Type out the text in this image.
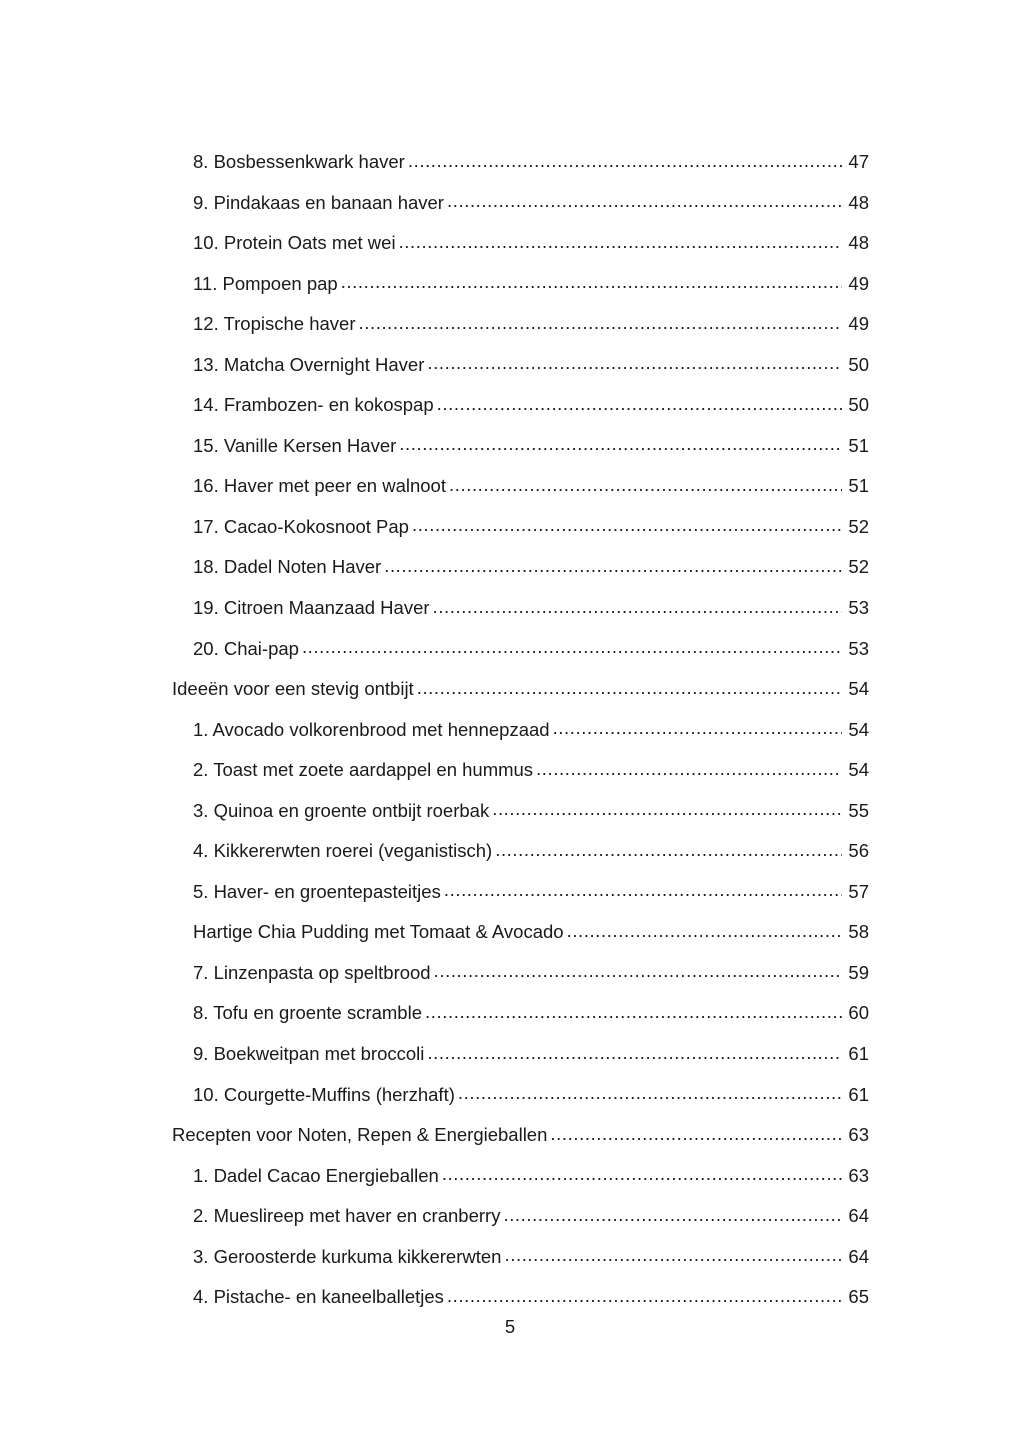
8. Bosbessenkwark haver .....	47
9. Pindakaas en banaan haver .....	48
10. Protein Oats met wei .....	48
11. Pompoen pap .....	49
12. Tropische haver .....	49
13. Matcha Overnight Haver .....	50
14. Frambozen- en kokospap .....	50
15. Vanille Kersen Haver .....	51
16. Haver met peer en walnoot .....	51
17. Cacao-Kokosnoot Pap .....	52
18. Dadel Noten Haver .....	52
19. Citroen Maanzaad Haver .....	53
20. Chai-pap .....	53
Ideeën voor een stevig ontbijt .....	54
1. Avocado volkorenbrood met hennepzaad .....	54
2. Toast met zoete aardappel en hummus .....	54
3. Quinoa en groente ontbijt roerbak .....	55
4. Kikkererwten roerei (veganistisch) .....	56
5. Haver- en groentepasteitjes .....	57
Hartige Chia Pudding met Tomaat & Avocado .....	58
7. Linzenpasta op speltbrood .....	59
8. Tofu en groente scramble .....	60
9. Boekweitpan met broccoli .....	61
10. Courgette-Muffins (herzhaft) .....	61
Recepten voor Noten, Repen & Energieballen .....	63
1. Dadel Cacao Energieballen .....	63
2. Mueslireep met haver en cranberry .....	64
3. Geroosterde kurkuma kikkererwten .....	64
4. Pistache- en kaneelballetjes .....	65
5
